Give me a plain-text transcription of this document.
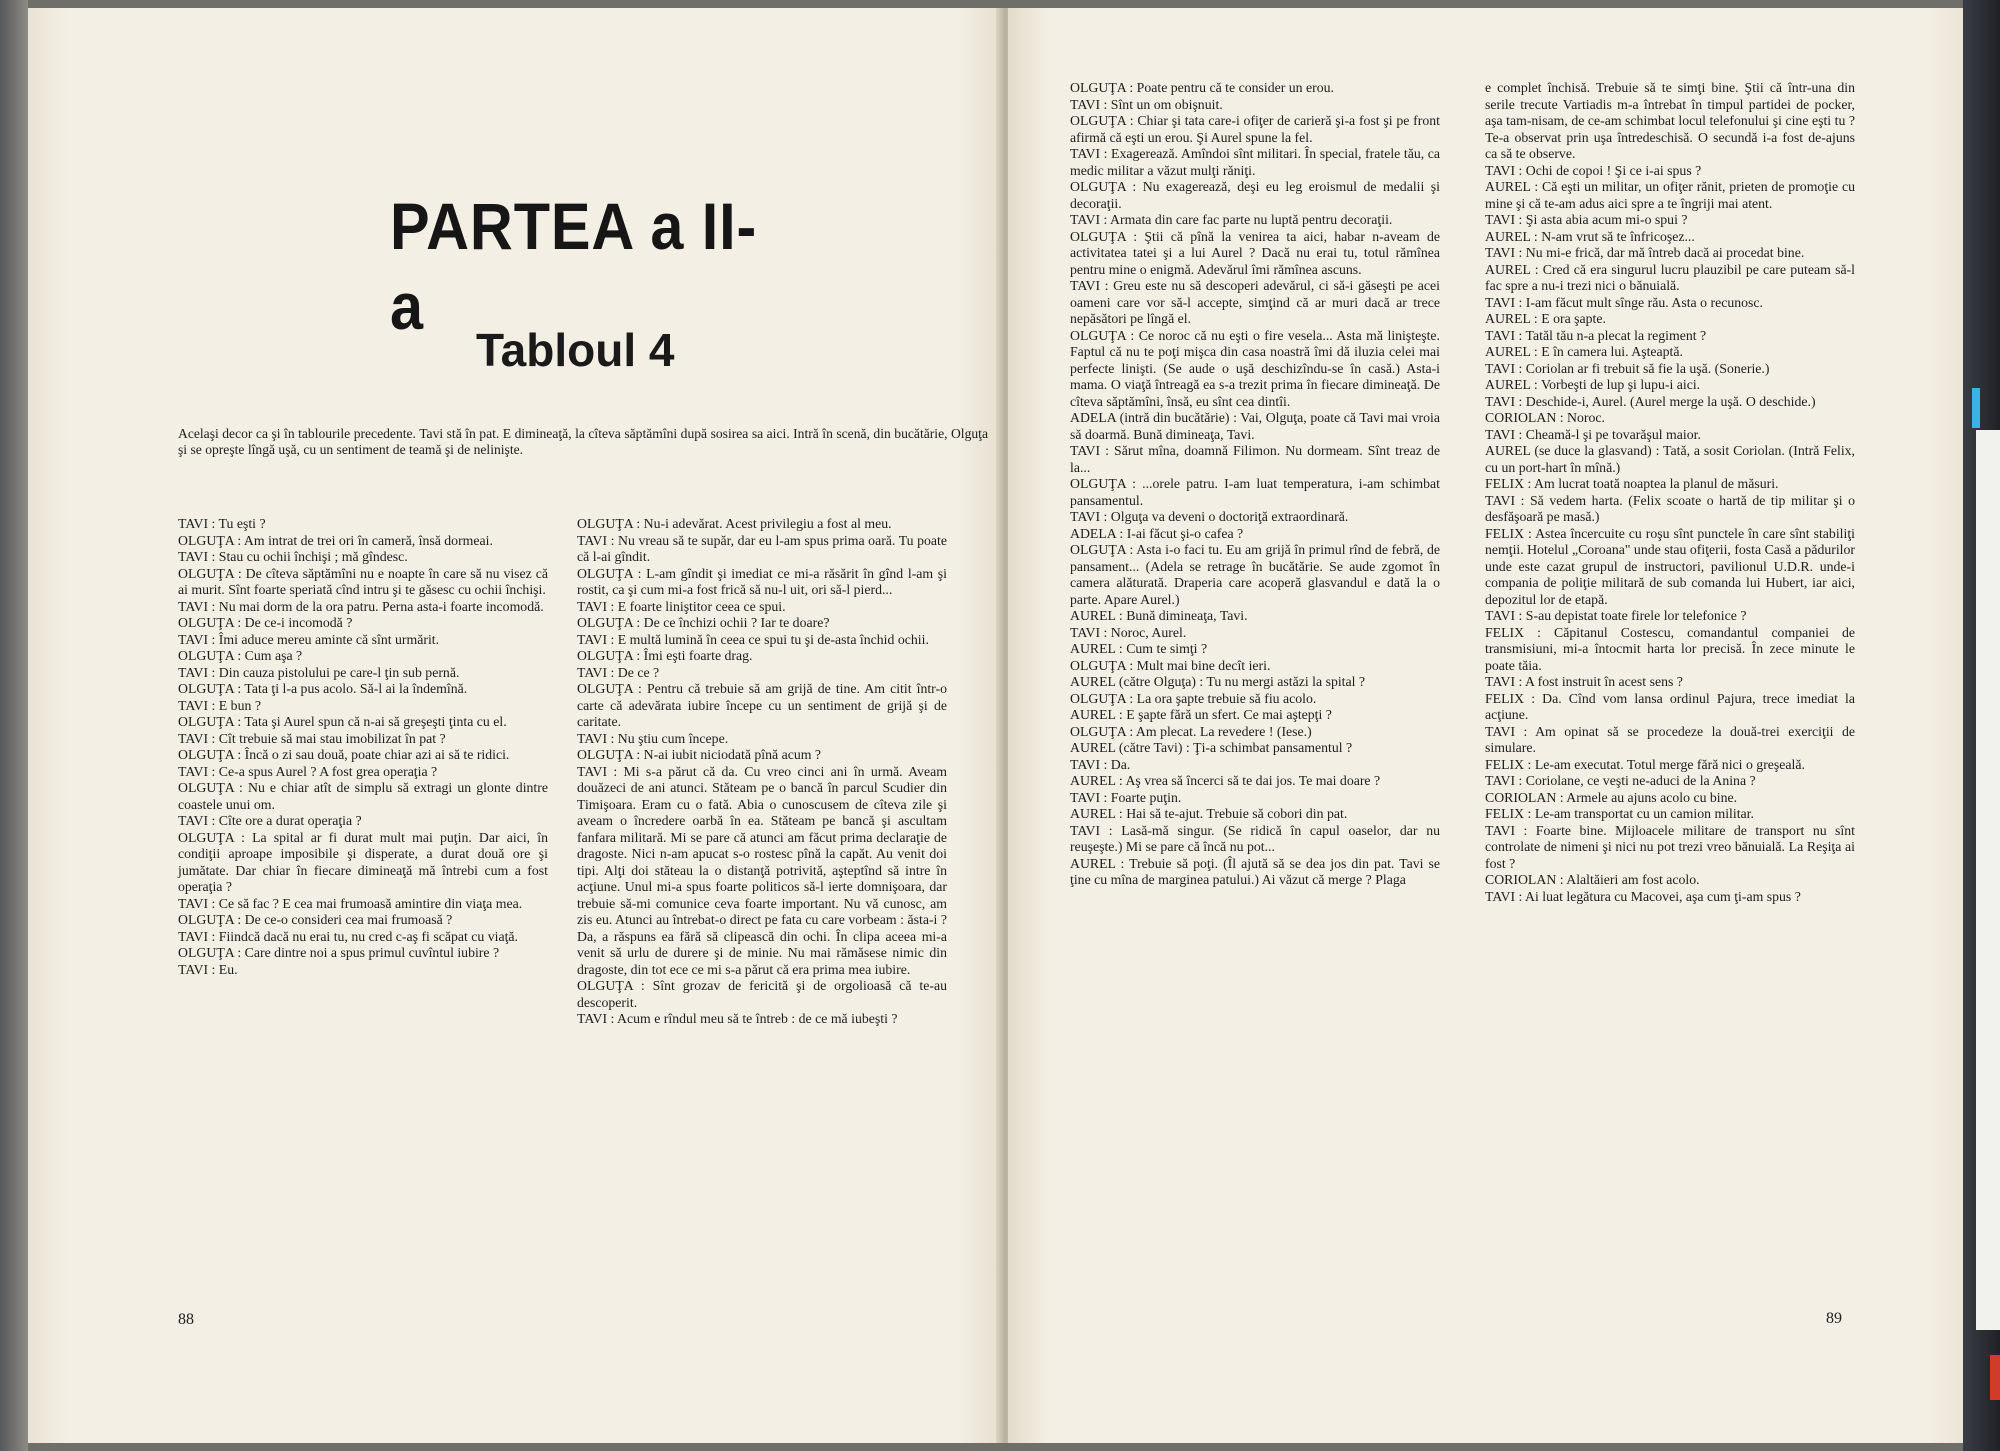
PARTEA a II-a
Tabloul 4

Acelaşi decor ca şi în tablourile precedente. Tavi stă în pat. E dimineaţă, la cîteva săptămîni după sosirea sa aici. Intră în scenă, din bucătărie, Olguţa şi se opreşte lîngă uşă, cu un sentiment de teamă şi de nelinişte.

TAVI : Tu eşti ?

OLGUŢA : Am intrat de trei ori în cameră, însă dormeai.

TAVI : Stau cu ochii închişi ; mă gîndesc.

OLGUŢA : De cîteva săptămîni nu e noapte în care să nu visez că ai murit. Sînt foarte speriată cînd intru şi te găsesc cu ochii închişi.

TAVI : Nu mai dorm de la ora patru. Perna asta-i foarte incomodă.

OLGUŢA : De ce-i incomodă ?

TAVI : Îmi aduce mereu aminte că sînt urmărit.

OLGUŢA : Cum aşa ?

TAVI : Din cauza pistolului pe care-l ţin sub pernă.

OLGUŢA : Tata ţi l-a pus acolo. Să-l ai la îndemînă.

TAVI : E bun ?

OLGUŢA : Tata şi Aurel spun că n-ai să greşeşti ţinta cu el.

TAVI : Cît trebuie să mai stau imobilizat în pat ?

OLGUŢA : Încă o zi sau două, poate chiar azi ai să te ridici.

TAVI : Ce-a spus Aurel ? A fost grea operaţia ?

OLGUŢA : Nu e chiar atît de simplu să extragi un glonte dintre coastele unui om.

TAVI : Cîte ore a durat operaţia ?

OLGUŢA : La spital ar fi durat mult mai puţin. Dar aici, în condiţii aproape imposibile şi disperate, a durat două ore şi jumătate. Dar chiar în fiecare dimineaţă mă întrebi cum a fost operaţia ?

TAVI : Ce să fac ? E cea mai frumoasă amintire din viaţa mea.

OLGUŢA : De ce-o consideri cea mai frumoasă ?

TAVI : Fiindcă dacă nu erai tu, nu cred c-aş fi scăpat cu viaţă.

OLGUŢA : Care dintre noi a spus primul cuvîntul iubire ?

TAVI : Eu.

OLGUŢA : Nu-i adevărat. Acest privilegiu a fost al meu.

TAVI : Nu vreau să te supăr, dar eu l-am spus prima oară. Tu poate că l-ai gîndit.

OLGUŢA : L-am gîndit şi imediat ce mi-a răsărit în gînd l-am şi rostit, ca şi cum mi-a fost frică să nu-l uit, ori să-l pierd...

TAVI : E foarte liniştitor ceea ce spui.

OLGUŢA : De ce închizi ochii ? Iar te doare?

TAVI : E multă lumină în ceea ce spui tu şi de-asta închid ochii.

OLGUŢA : Îmi eşti foarte drag.

TAVI : De ce ?

OLGUŢA : Pentru că trebuie să am grijă de tine. Am citit într-o carte că adevărata iubire începe cu un sentiment de grijă şi de caritate.

TAVI : Nu ştiu cum începe.

OLGUŢA : N-ai iubit niciodată pînă acum ?

TAVI : Mi s-a părut că da. Cu vreo cinci ani în urmă. Aveam douăzeci de ani atunci. Stăteam pe o bancă în parcul Scudier din Timişoara. Eram cu o fată. Abia o cunoscusem de cîteva zile şi aveam o încredere oarbă în ea. Stăteam pe bancă şi ascultam fanfara militară. Mi se pare că atunci am făcut prima declaraţie de dragoste. Nici n-am apucat s-o rostesc pînă la capăt. Au venit doi tipi. Alţi doi stăteau la o distanţă potrivită, aşteptînd să intre în acţiune. Unul mi-a spus foarte politicos să-l ierte domnişoara, dar trebuie să-mi comunice ceva foarte important. Nu vă cunosc, am zis eu. Atunci au întrebat-o direct pe fata cu care vorbeam : ăsta-i ? Da, a răspuns ea fără să clipească din ochi. În clipa aceea mi-a venit să urlu de durere şi de minie. Nu mai rămăsese nimic din dragoste, din tot ece ce mi s-a părut că era prima mea iubire.

OLGUŢA : Sînt grozav de fericită şi de orgolioasă că te-au descoperit.

TAVI : Acum e rîndul meu să te întreb : de ce mă iubeşti ?

88

OLGUŢA : Poate pentru că te consider un erou.

TAVI : Sînt un om obişnuit.

OLGUŢA : Chiar şi tata care-i ofiţer de carieră şi-a fost şi pe front afirmă că eşti un erou. Şi Aurel spune la fel.

TAVI : Exagerează. Amîndoi sînt militari. În special, fratele tău, ca medic militar a văzut mulţi răniţi.

OLGUŢA : Nu exagerează, deşi eu leg eroismul de medalii şi decoraţii.

TAVI : Armata din care fac parte nu luptă pentru decoraţii.

OLGUŢA : Ştii că pînă la venirea ta aici, habar n-aveam de activitatea tatei şi a lui Aurel ? Dacă nu erai tu, totul rămînea pentru mine o enigmă. Adevărul îmi rămînea ascuns.

TAVI : Greu este nu să descoperi adevărul, ci să-i găseşti pe acei oameni care vor să-l accepte, simţind că ar muri dacă ar trece nepăsători pe lîngă el.

OLGUŢA : Ce noroc că nu eşti o fire vesela... Asta mă linişteşte. Faptul că nu te poţi mişca din casa noastră îmi dă iluzia celei mai perfecte linişti. (Se aude o uşă deschizîndu-se în casă.) Asta-i mama. O viaţă întreagă ea s-a trezit prima în fiecare dimineaţă. De cîteva săptămîni, însă, eu sînt cea dintîi.

ADELA (intră din bucătărie) : Vai, Olguţa, poate că Tavi mai vroia să doarmă. Bună dimineaţa, Tavi.

TAVI : Sărut mîna, doamnă Filimon. Nu dormeam. Sînt treaz de la...

OLGUŢA : ...orele patru. I-am luat temperatura, i-am schimbat pansamentul.

TAVI : Olguţa va deveni o doctoriţă extraordinară.

ADELA : I-ai făcut şi-o cafea ?

OLGUŢA : Asta i-o faci tu. Eu am grijă în primul rînd de febră, de pansament... (Adela se retrage în bucătărie. Se aude zgomot în camera alăturată. Draperia care acoperă glasvandul e dată la o parte. Apare Aurel.)

AUREL : Bună dimineaţa, Tavi.

TAVI : Noroc, Aurel.

AUREL : Cum te simţi ?

OLGUŢA : Mult mai bine decît ieri.

AUREL (către Olguţa) : Tu nu mergi astăzi la spital ?

OLGUŢA : La ora şapte trebuie să fiu acolo.

AUREL : E şapte fără un sfert. Ce mai aştepţi ?

OLGUŢA : Am plecat. La revedere ! (Iese.)

AUREL (către Tavi) : Ţi-a schimbat pansamentul ?

TAVI : Da.

AUREL : Aş vrea să încerci să te dai jos. Te mai doare ?

TAVI : Foarte puţin.

AUREL : Hai să te-ajut. Trebuie să cobori din pat.

TAVI : Lasă-mă singur. (Se ridică în capul oaselor, dar nu reuşeşte.) Mi se pare că încă nu pot...

AUREL : Trebuie să poţi. (Îl ajută să se dea jos din pat. Tavi se ţine cu mîna de marginea patului.) Ai văzut că merge ? Plaga

e complet închisă. Trebuie să te simţi bine. Ştii că într-una din serile trecute Vartiadis m-a întrebat în timpul partidei de pocker, aşa tam-nisam, de ce-am schimbat locul telefonului şi cine eşti tu ? Te-a observat prin uşa întredeschisă. O secundă i-a fost de-ajuns ca să te observe.

TAVI : Ochi de copoi ! Şi ce i-ai spus ?

AUREL : Că eşti un militar, un ofiţer rănit, prieten de promoţie cu mine şi că te-am adus aici spre a te îngriji mai atent.

TAVI : Şi asta abia acum mi-o spui ?

AUREL : N-am vrut să te înfricoşez...

TAVI : Nu mi-e frică, dar mă întreb dacă ai procedat bine.

AUREL : Cred că era singurul lucru plauzibil pe care puteam să-l fac spre a nu-i trezi nici o bănuială.

TAVI : I-am făcut mult sînge rău. Asta o recunosc.

AUREL : E ora şapte.

TAVI : Tatăl tău n-a plecat la regiment ?

AUREL : E în camera lui. Aşteaptă.

TAVI : Coriolan ar fi trebuit să fie la uşă. (Sonerie.)

AUREL : Vorbeşti de lup şi lupu-i aici.

TAVI : Deschide-i, Aurel. (Aurel merge la uşă. O deschide.)

CORIOLAN : Noroc.

TAVI : Cheamă-l şi pe tovarăşul maior.

AUREL (se duce la glasvand) : Tată, a sosit Coriolan. (Intră Felix, cu un port-hart în mînă.)

FELIX : Am lucrat toată noaptea la planul de măsuri.

TAVI : Să vedem harta. (Felix scoate o hartă de tip militar şi o desfăşoară pe masă.)

FELIX : Astea încercuite cu roşu sînt punctele în care sînt stabiliţi nemţii. Hotelul „Coroana" unde stau ofiţerii, fosta Casă a pădurilor unde este cazat grupul de instructori, pavilionul U.D.R. unde-i compania de poliţie militară de sub comanda lui Hubert, iar aici, depozitul lor de etapă.

TAVI : S-au depistat toate firele lor telefonice ?

FELIX : Căpitanul Costescu, comandantul companiei de transmisiuni, mi-a întocmit harta lor precisă. În zece minute le poate tăia.

TAVI : A fost instruit în acest sens ?

FELIX : Da. Cînd vom lansa ordinul Pajura, trece imediat la acţiune.

TAVI : Am opinat să se procedeze la două-trei exerciţii de simulare.

FELIX : Le-am executat. Totul merge fără nici o greşeală.

TAVI : Coriolane, ce veşti ne-aduci de la Anina ?

CORIOLAN : Armele au ajuns acolo cu bine.

FELIX : Le-am transportat cu un camion militar.

TAVI : Foarte bine. Mijloacele militare de transport nu sînt controlate de nimeni şi nici nu pot trezi vreo bănuială. La Reşiţa ai fost ?

CORIOLAN : Alaltăieri am fost acolo.

TAVI : Ai luat legătura cu Macovei, aşa cum ţi-am spus ?

89
